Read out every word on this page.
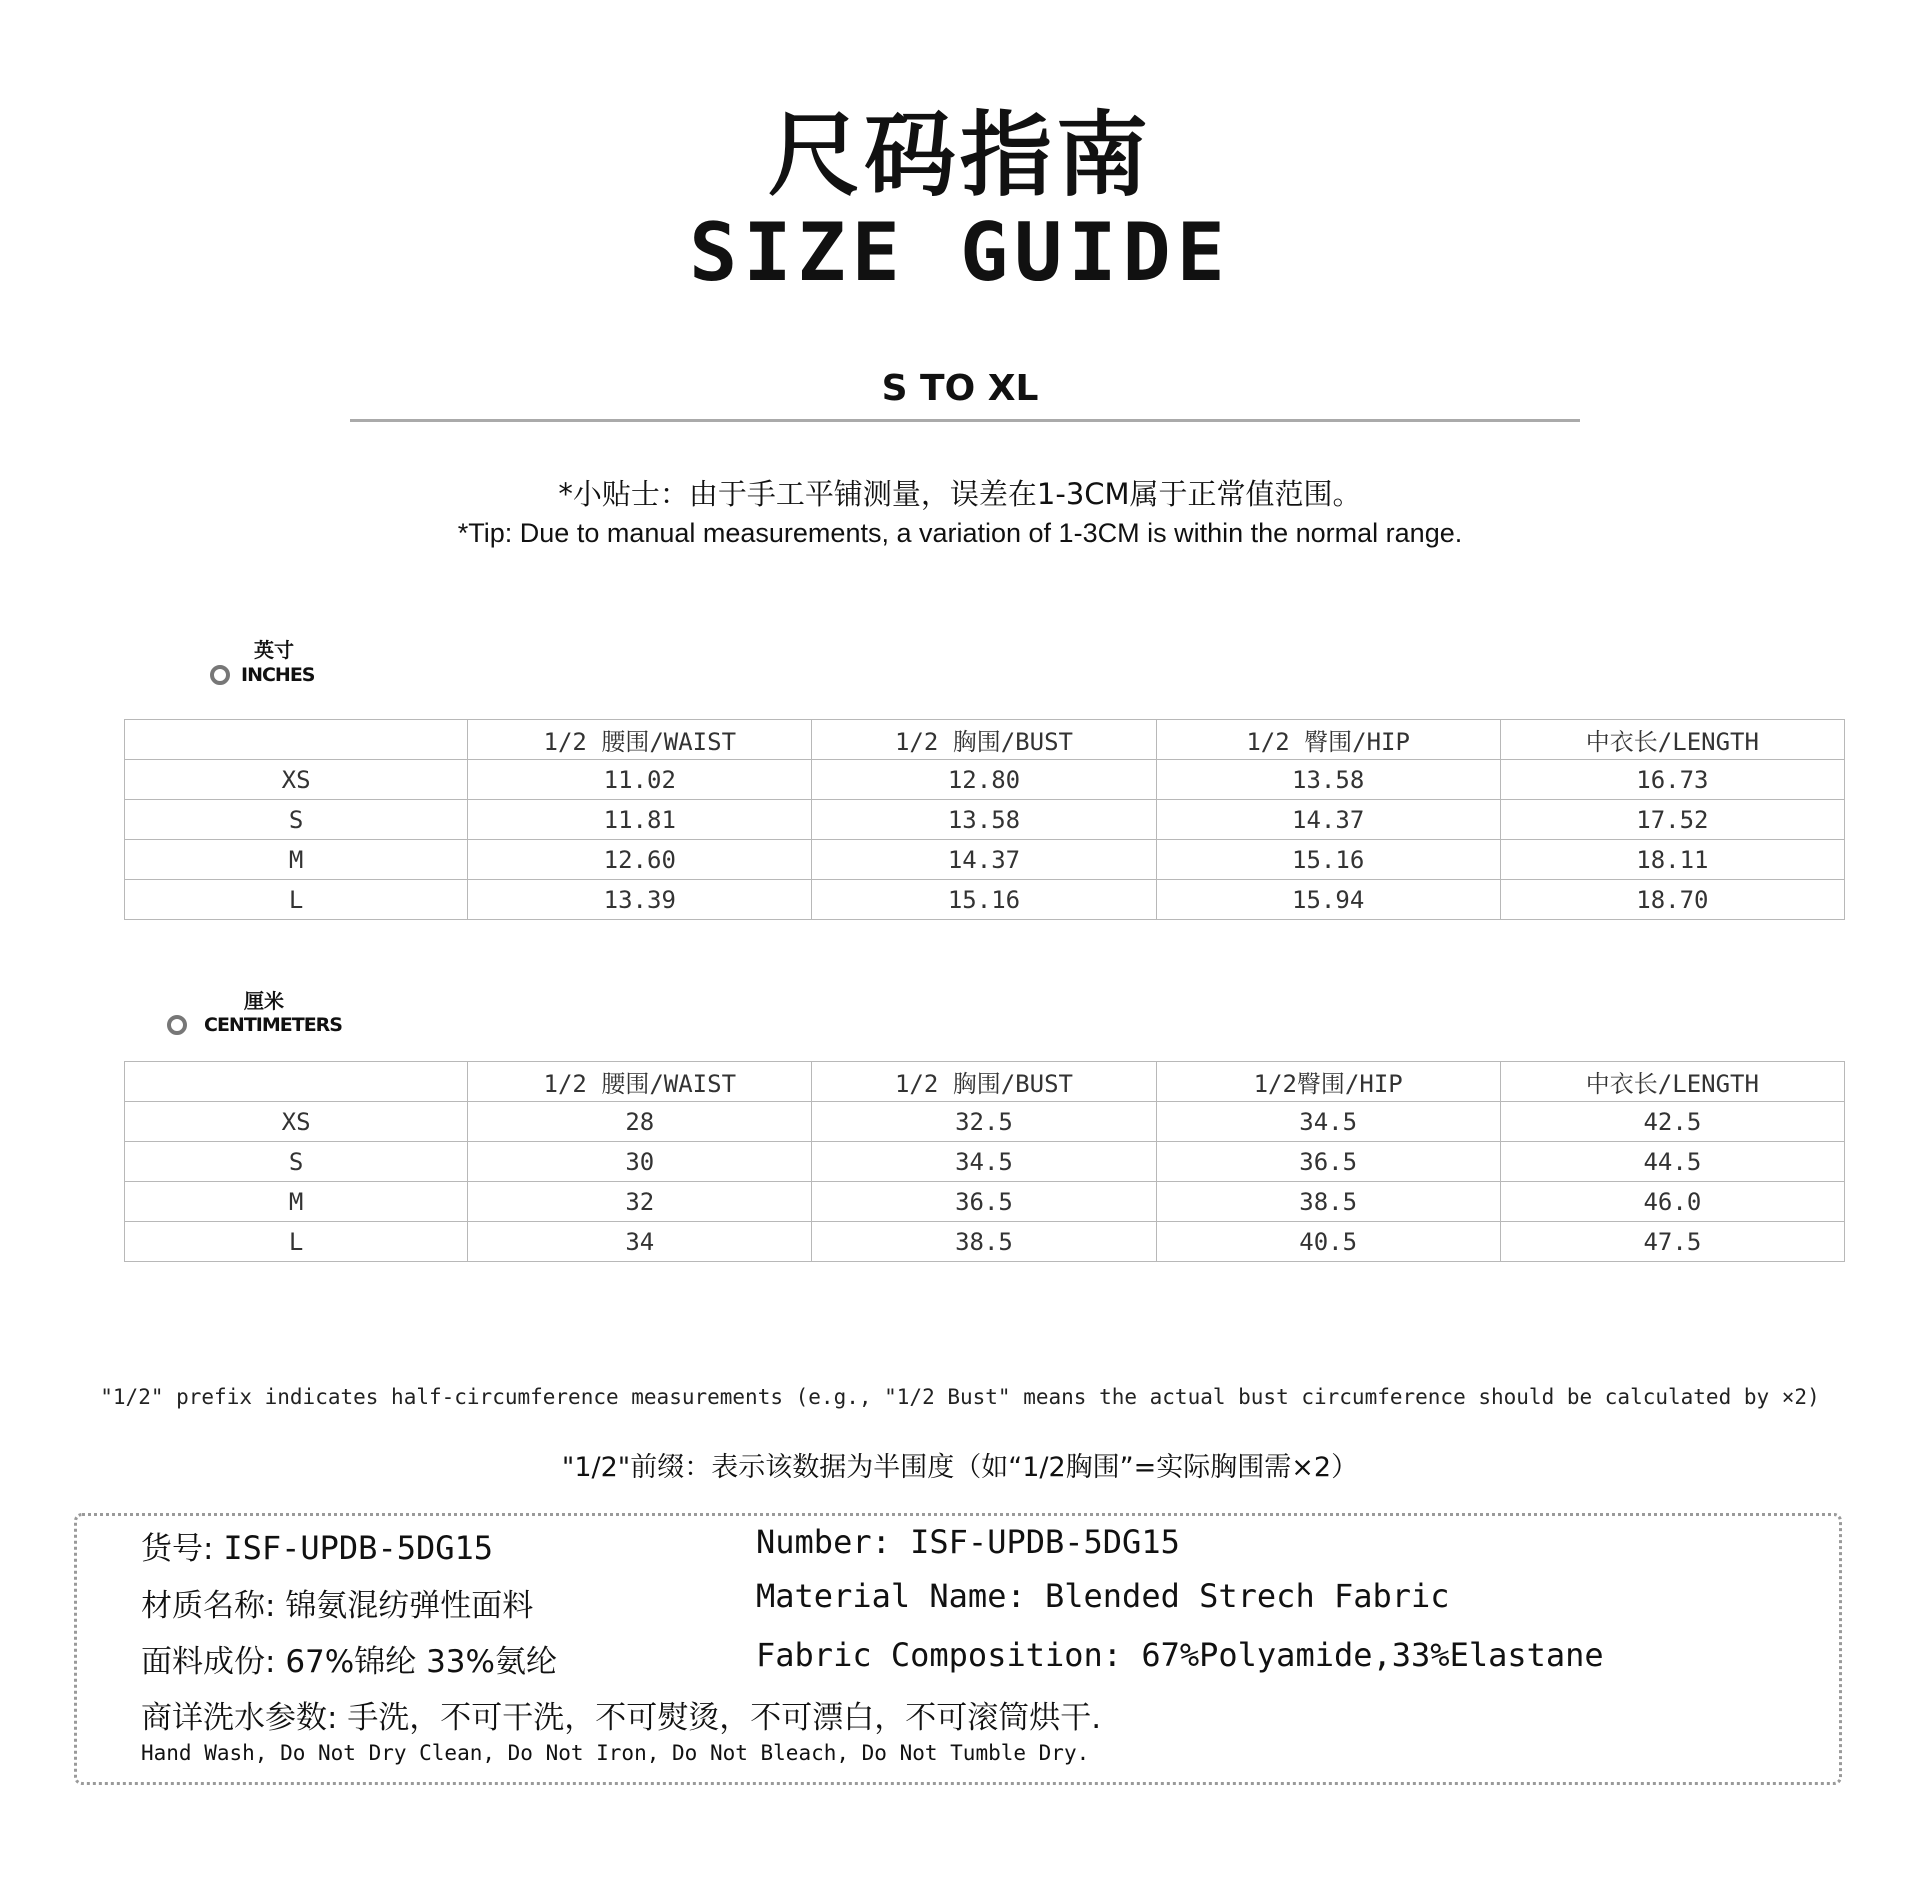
尺码指南
SIZE GUIDE
S TO XL
*小贴士：由于手工平铺测量，误差在1-3CM属于正常值范围。
*Tip: Due to manual measurements, a variation of 1-3CM is within the normal range.
英寸
INCHES
	1/2 腰围/WAIST	1/2 胸围/BUST	1/2 臀围/HIP	中衣长/LENGTH
XS	11.02	12.80	13.58	16.73
S	11.81	13.58	14.37	17.52
M	12.60	14.37	15.16	18.11
L	13.39	15.16	15.94	18.70
厘米
CENTIMETERS
	1/2 腰围/WAIST	1/2 胸围/BUST	1/2臀围/HIP	中衣长/LENGTH
XS	28	32.5	34.5	42.5
S	30	34.5	36.5	44.5
M	32	36.5	38.5	46.0
L	34	38.5	40.5	47.5
"1/2" prefix indicates half-circumference measurements (e.g., "1/2 Bust" means the actual bust circumference should be calculated by ×2)
"1/2"前缀：表示该数据为半围度（如“1/2胸围”=实际胸围需×2）
货号: ISF-UPDB-5DG15
材质名称: 锦氨混纺弹性面料
面料成份: 67%锦纶 33%氨纶
Number: ISF-UPDB-5DG15
Material Name: Blended Strech Fabric
Fabric Composition: 67%Polyamide,33%Elastane
商详洗水参数: 手洗，不可干洗，不可熨烫，不可漂白，不可滚筒烘干.
Hand Wash, Do Not Dry Clean, Do Not Iron, Do Not Bleach, Do Not Tumble Dry.
